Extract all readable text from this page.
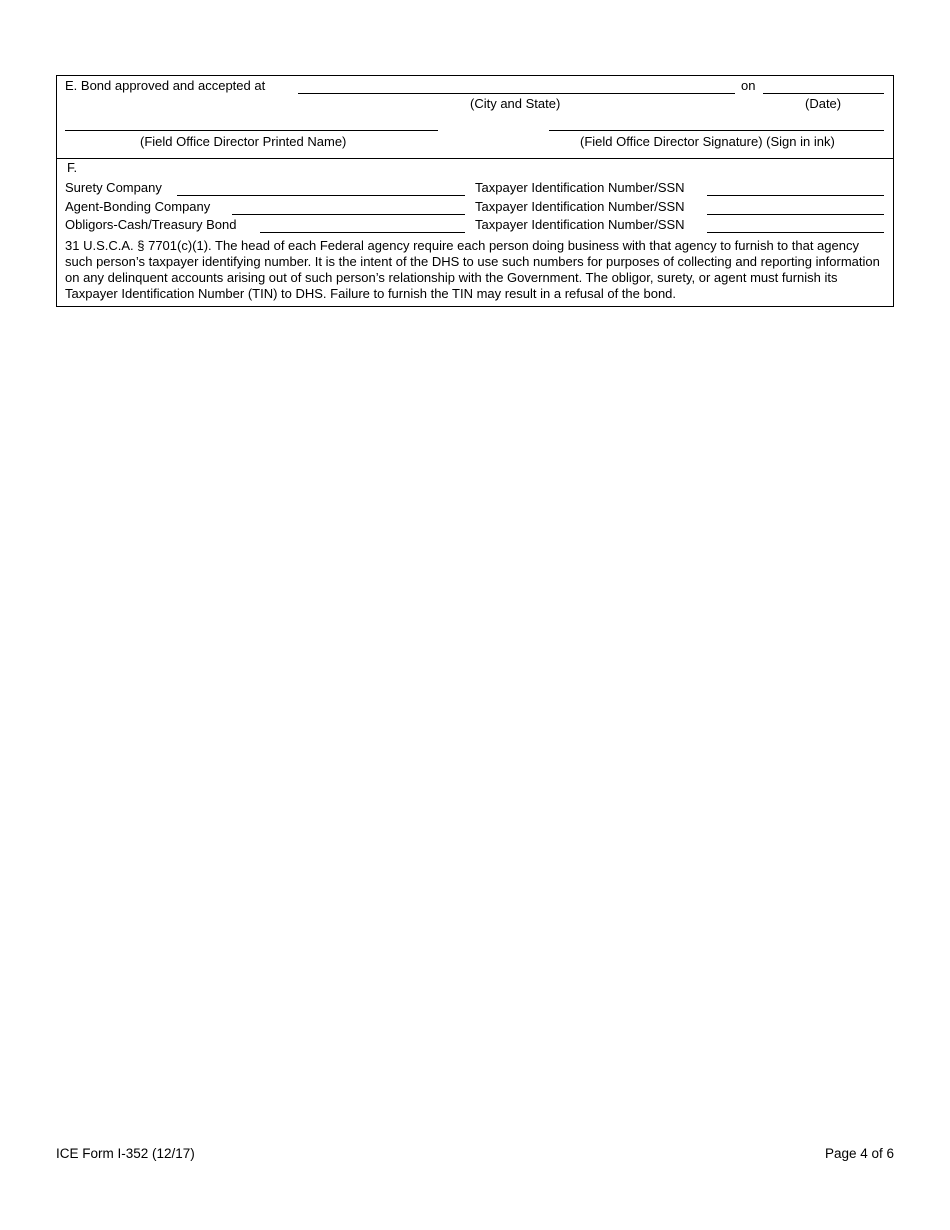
E. Bond approved and accepted at	on
(City and State)	(Date)
(Field Office Director Printed Name)	(Field Office Director Signature) (Sign in ink)
F.
Surety Company	Taxpayer Identification Number/SSN
Agent-Bonding Company	Taxpayer Identification Number/SSN
Obligors-Cash/Treasury Bond	Taxpayer Identification Number/SSN
31 U.S.C.A. § 7701(c)(1). The head of each Federal agency require each person doing business with that agency to furnish to that agency such person’s taxpayer identifying number. It is the intent of the DHS to use such numbers for purposes of collecting and reporting information on any delinquent accounts arising out of such person’s relationship with the Government. The obligor, surety, or agent must furnish its Taxpayer Identification Number (TIN) to DHS. Failure to furnish the TIN may result in a refusal of the bond.
ICE Form I-352 (12/17)	Page 4 of 6
